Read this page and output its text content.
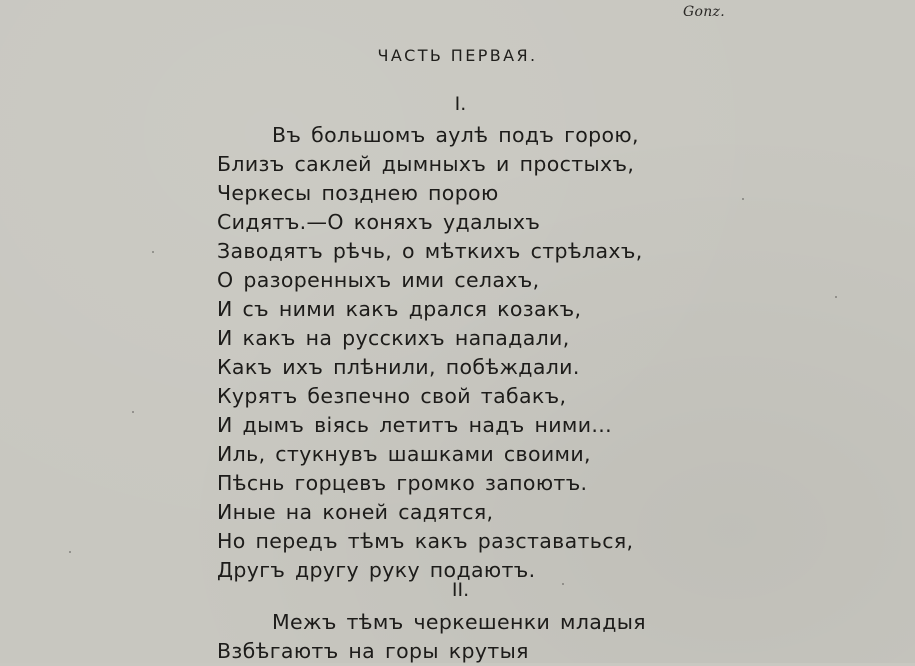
Gonz.
ЧАСТЬ ПЕРВАЯ.
I.
Въ большомъ аулѣ подъ горою,
Близъ саклей дымныхъ и простыхъ,
Черкесы позднею порою
Сидятъ.—О коняхъ удалыхъ
Заводятъ рѣчь, о мѣткихъ стрѣлахъ,
О разоренныхъ ими селахъ,
И съ ними какъ дрался козакъ,
И какъ на русскихъ нападали,
Какъ ихъ плѣнили, побѣждали.
Курятъ безпечно свой табакъ,
И дымъ віясь летитъ надъ ними...
Иль, стукнувъ шашками своими,
Пѣснь горцевъ громко запоютъ.
Иные на коней садятся,
Но передъ тѣмъ какъ разставаться,
Другъ другу руку подаютъ.
II.
Межъ тѣмъ черкешенки младыя
Взбѣгаютъ на горы крутыя
